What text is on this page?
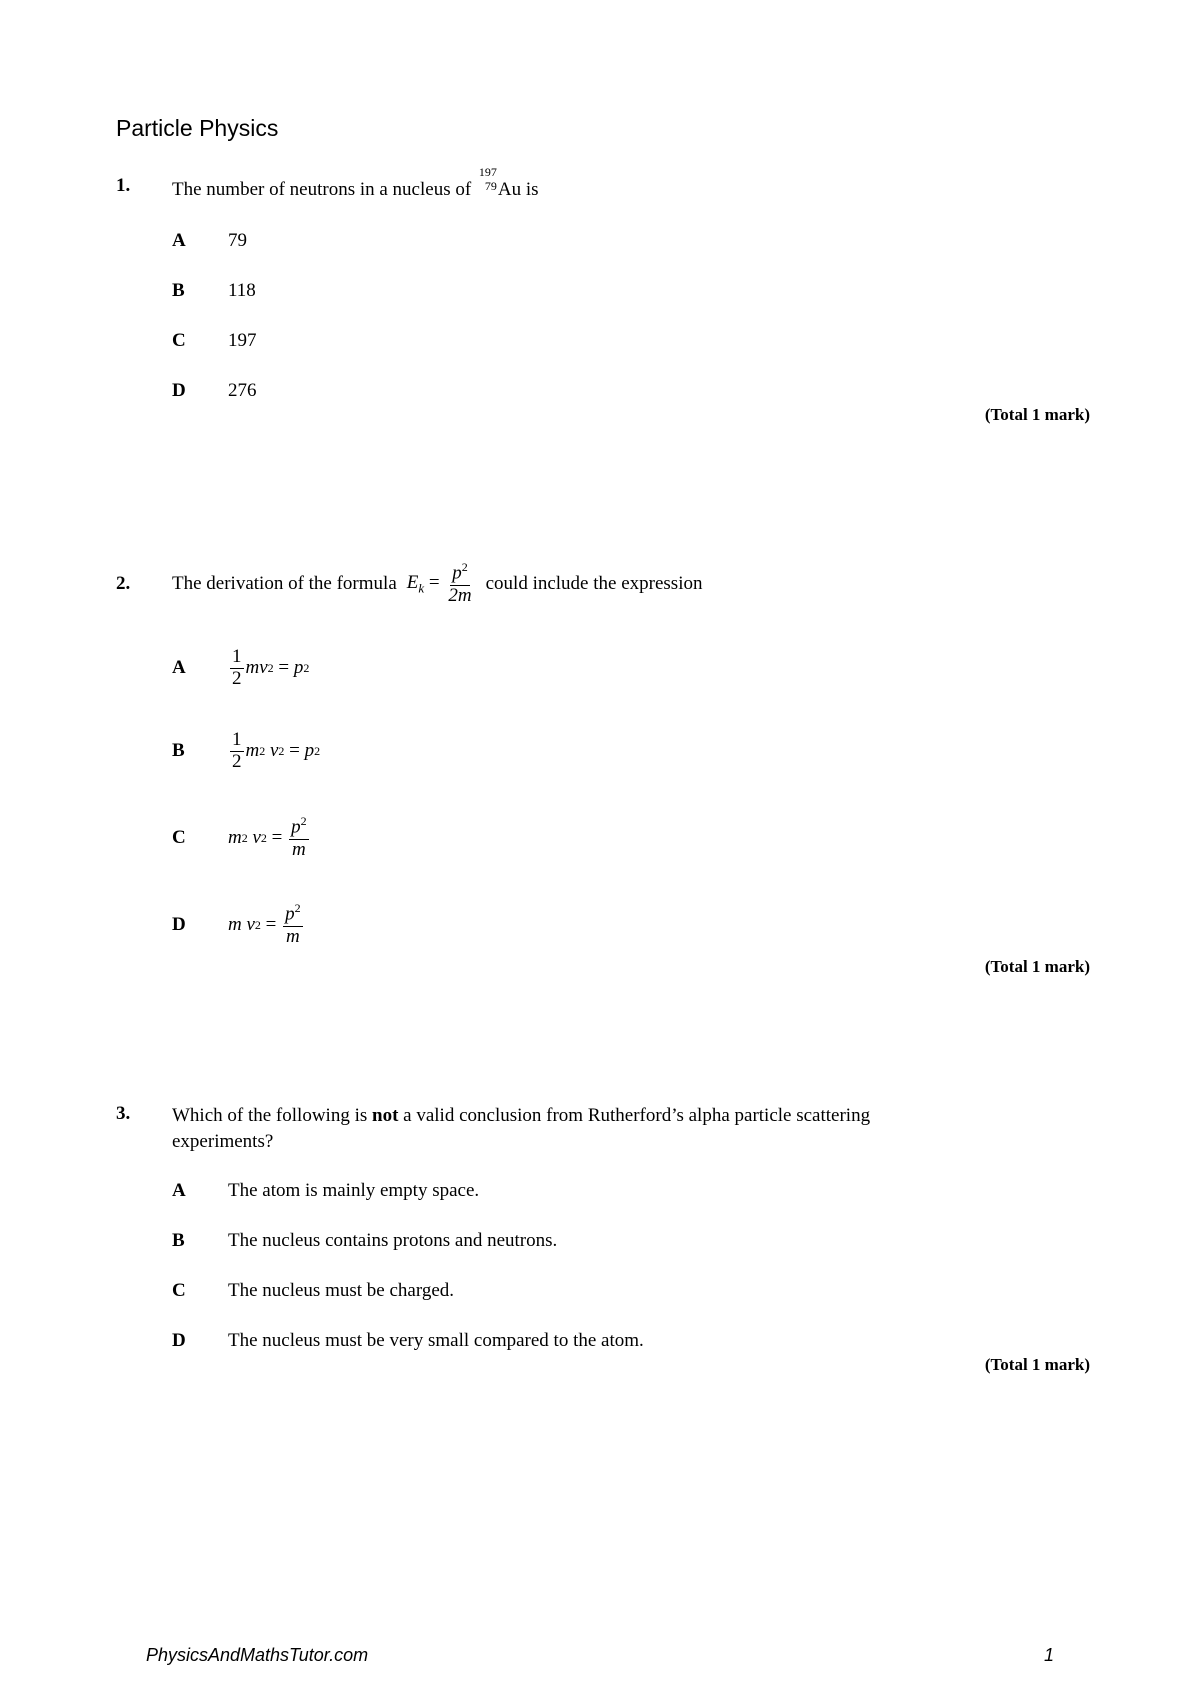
Particle Physics
1. The number of neutrons in a nucleus of
197
79 Au is
A 79
B 118
C 197
D 276
(Total 1 mark)
2. The derivation of the formula $E_k = \frac{p^2}{2m}$ could include the expression
A $\frac{1}{2}$ mv 2 = p 2
B $\frac{1}{2}$ m 2
v 2 = p 2
C m 2
v $2 = \frac{p^2}{m}$
D m
v $2 = \frac{p^2}{m}$
(Total 1 mark)
3. Which of the following is not a valid conclusion from Rutherford’s alpha particle scattering
experiments?
A The atom is mainly empty space.
B The nucleus contains protons and neutrons.
C The nucleus must be charged.
D The nucleus must be very small compared to the atom.
(Total 1 mark)
PhysicsAndMathsTutor.com	1
